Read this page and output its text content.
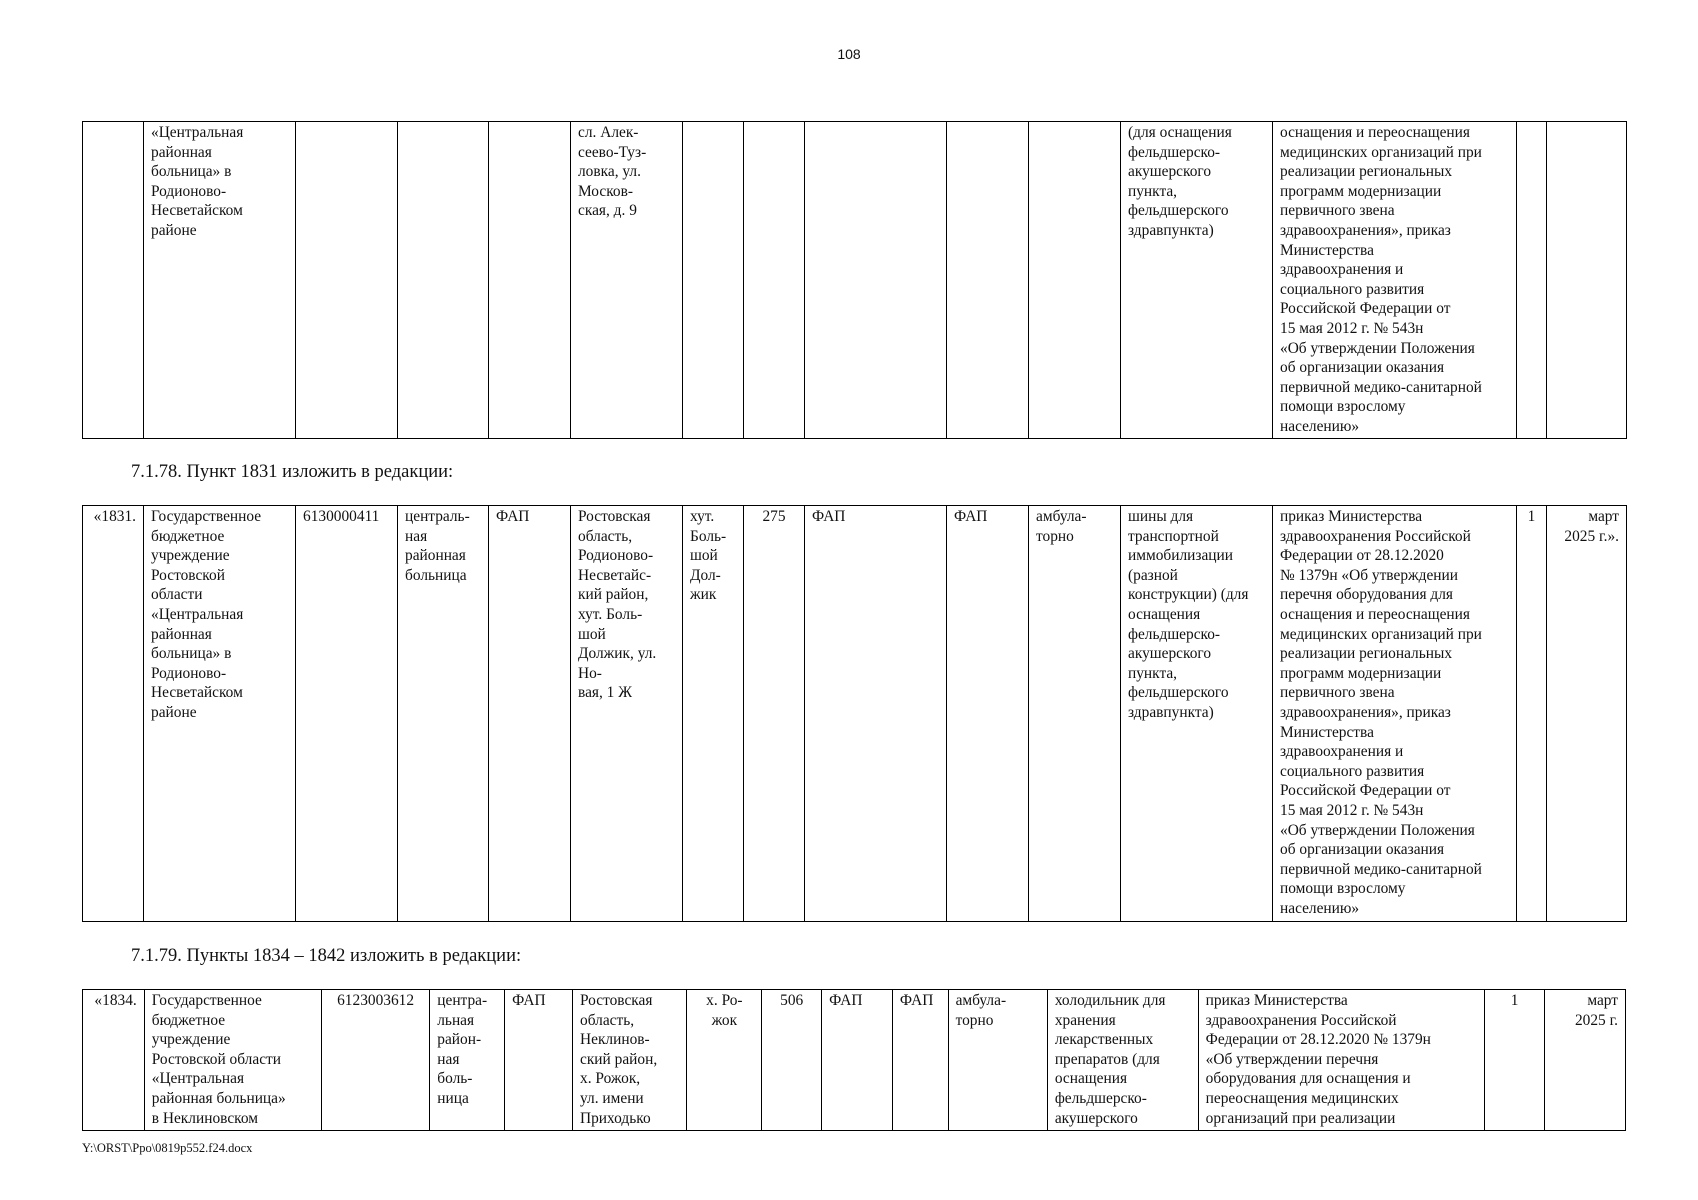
108
	«Центральная
районная
больница» в
Родионово-
Несветайском
районе				сл. Алек-
сеево-Туз-
ловка, ул.
Москов-
ская, д. 9						(для оснащения
фельдшерско-
акушерского
пункта,
фельдшерского
здравпункта)	оснащения и переоснащения
медицинских организаций при
реализации региональных
программ модернизации
первичного звена
здравоохранения», приказ
Министерства
здравоохранения и
социального развития
Российской Федерации от
15 мая 2012 г. № 543н
«Об утверждении Положения
об организации оказания
первичной медико-санитарной
помощи взрослому
населению»		
7.1.78. Пункт 1831 изложить в редакции:
«1831.	Государственное
бюджетное
учреждение
Ростовской
области
«Центральная
районная
больница» в
Родионово-
Несветайском
районе	6130000411	централь-
ная
районная
больница	ФАП	Ростовская
область,
Родионово-
Несветайс-
кий район,
хут. Боль-
шой
Должик, ул.
Но-
вая, 1 Ж	хут.
Боль-
шой
Дол-
жик	275	ФАП	ФАП	амбула-
торно	шины для
транспортной
иммобилизации
(разной
конструкции) (для
оснащения
фельдшерско-
акушерского
пункта,
фельдшерского
здравпункта)	приказ Министерства
здравоохранения Российской
Федерации от 28.12.2020
№ 1379н «Об утверждении
перечня оборудования для
оснащения и переоснащения
медицинских организаций при
реализации региональных
программ модернизации
первичного звена
здравоохранения», приказ
Министерства
здравоохранения и
социального развития
Российской Федерации от
15 мая 2012 г. № 543н
«Об утверждении Положения
об организации оказания
первичной медико-санитарной
помощи взрослому
населению»	1	март
2025 г.».
7.1.79. Пункты 1834 – 1842 изложить в редакции:
«1834.	Государственное
бюджетное
учреждение
Ростовской области
«Центральная
районная больница»
в Неклиновском	6123003612	центра-
льная
район-
ная
боль-
ница	ФАП	Ростовская
область,
Неклинов-
ский район,
х. Рожок,
ул. имени
Приходько	х. Ро-
жок	506	ФАП	ФАП	амбула-
торно	холодильник для
хранения
лекарственных
препаратов (для
оснащения
фельдшерско-
акушерского	приказ Министерства
здравоохранения Российской
Федерации от 28.12.2020 № 1379н
«Об утверждении перечня
оборудования для оснащения и
переоснащения медицинских
организаций при реализации	1	март
2025 г.
Y:\ORST\Ppo\0819p552.f24.docx
